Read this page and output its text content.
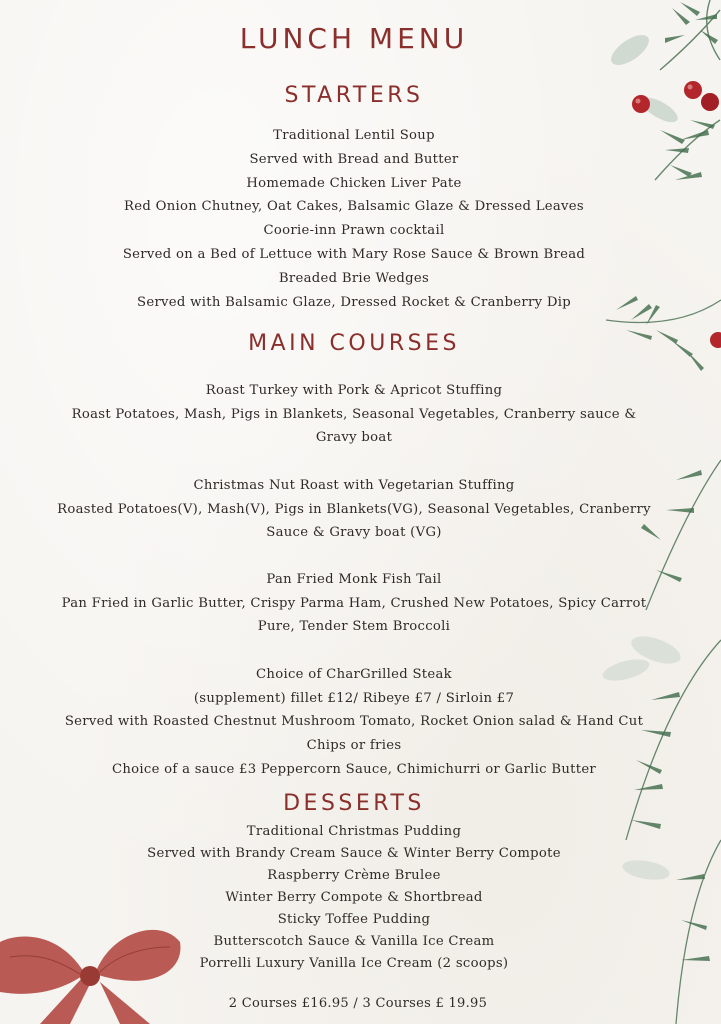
LUNCH MENU
STARTERS
Traditional Lentil Soup
Served with Bread and Butter
Homemade Chicken Liver Pate
Red Onion Chutney, Oat Cakes, Balsamic Glaze & Dressed Leaves
Coorie-inn Prawn cocktail
Served on a Bed of Lettuce with Mary Rose Sauce & Brown Bread
Breaded Brie Wedges
Served with Balsamic Glaze, Dressed Rocket & Cranberry Dip
MAIN COURSES
Roast Turkey with Pork & Apricot Stuffing
Roast Potatoes, Mash, Pigs in Blankets, Seasonal Vegetables, Cranberry sauce &
Gravy boat
Christmas Nut Roast with Vegetarian Stuffing
Roasted Potatoes(V), Mash(V), Pigs in Blankets(VG), Seasonal Vegetables, Cranberry
Sauce & Gravy boat (VG)
Pan Fried Monk Fish Tail
Pan Fried in Garlic Butter, Crispy Parma Ham, Crushed New Potatoes, Spicy Carrot
Pure, Tender Stem Broccoli
Choice of CharGrilled Steak
(supplement) fillet £12/ Ribeye £7 / Sirloin £7
Served with Roasted Chestnut Mushroom Tomato, Rocket Onion salad & Hand Cut
Chips or fries
Choice of a sauce £3 Peppercorn Sauce, Chimichurri or Garlic Butter
DESSERTS
Traditional Christmas Pudding
Served with Brandy Cream Sauce & Winter Berry Compote
Raspberry Crème Brulee
Winter Berry Compote & Shortbread
Sticky Toffee Pudding
Butterscotch Sauce & Vanilla Ice Cream
Porrelli Luxury Vanilla Ice Cream (2 scoops)
2 Courses £16.95 / 3 Courses £ 19.95
